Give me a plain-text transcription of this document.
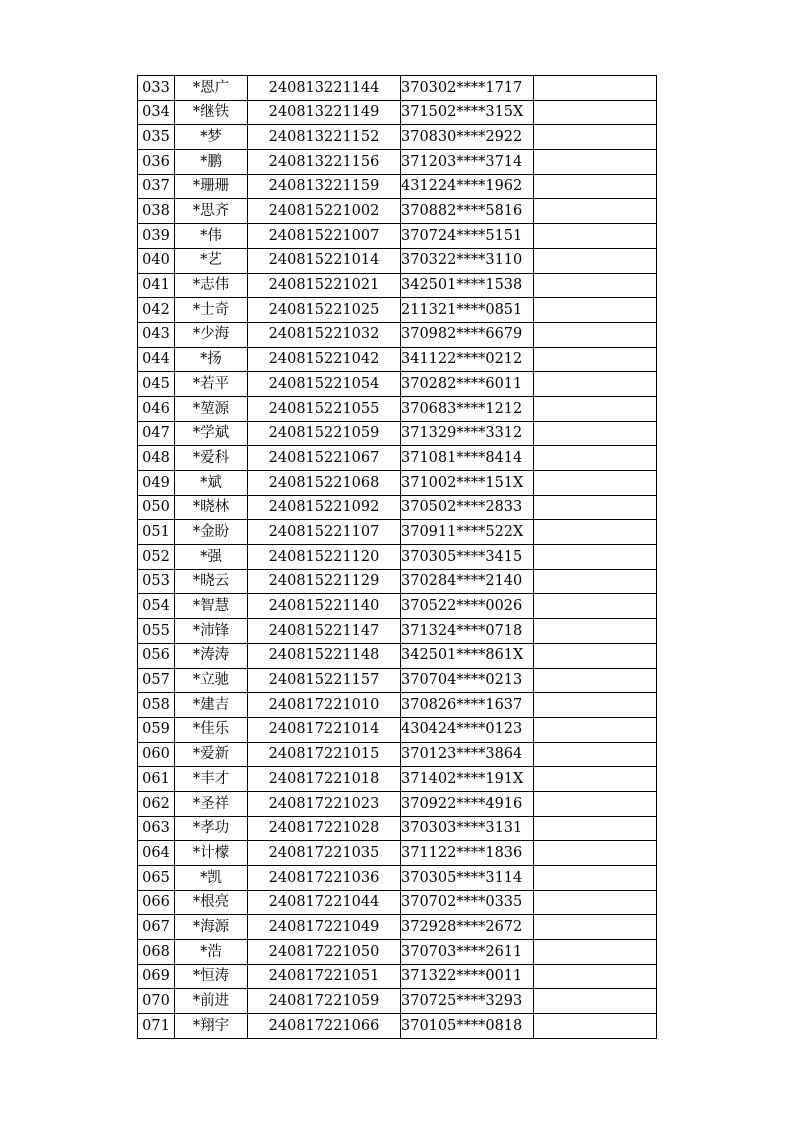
033	*恩广	240813221144	370302****1717	
034	*继铁	240813221149	371502****315X	
035	*梦	240813221152	370830****2922	
036	*鹏	240813221156	371203****3714	
037	*珊珊	240813221159	431224****1962	
038	*思齐	240815221002	370882****5816	
039	*伟	240815221007	370724****5151	
040	*艺	240815221014	370322****3110	
041	*志伟	240815221021	342501****1538	
042	*士奇	240815221025	211321****0851	
043	*少海	240815221032	370982****6679	
044	*扬	240815221042	341122****0212	
045	*若平	240815221054	370282****6011	
046	*堃源	240815221055	370683****1212	
047	*学斌	240815221059	371329****3312	
048	*爱科	240815221067	371081****8414	
049	*斌	240815221068	371002****151X	
050	*晓林	240815221092	370502****2833	
051	*金盼	240815221107	370911****522X	
052	*强	240815221120	370305****3415	
053	*晓云	240815221129	370284****2140	
054	*智慧	240815221140	370522****0026	
055	*沛锋	240815221147	371324****0718	
056	*涛涛	240815221148	342501****861X	
057	*立驰	240815221157	370704****0213	
058	*建吉	240817221010	370826****1637	
059	*佳乐	240817221014	430424****0123	
060	*爱新	240817221015	370123****3864	
061	*丰才	240817221018	371402****191X	
062	*圣祥	240817221023	370922****4916	
063	*孝功	240817221028	370303****3131	
064	*计檬	240817221035	371122****1836	
065	*凯	240817221036	370305****3114	
066	*根亮	240817221044	370702****0335	
067	*海源	240817221049	372928****2672	
068	*浩	240817221050	370703****2611	
069	*恒涛	240817221051	371322****0011	
070	*前进	240817221059	370725****3293	
071	*翔宇	240817221066	370105****0818	
